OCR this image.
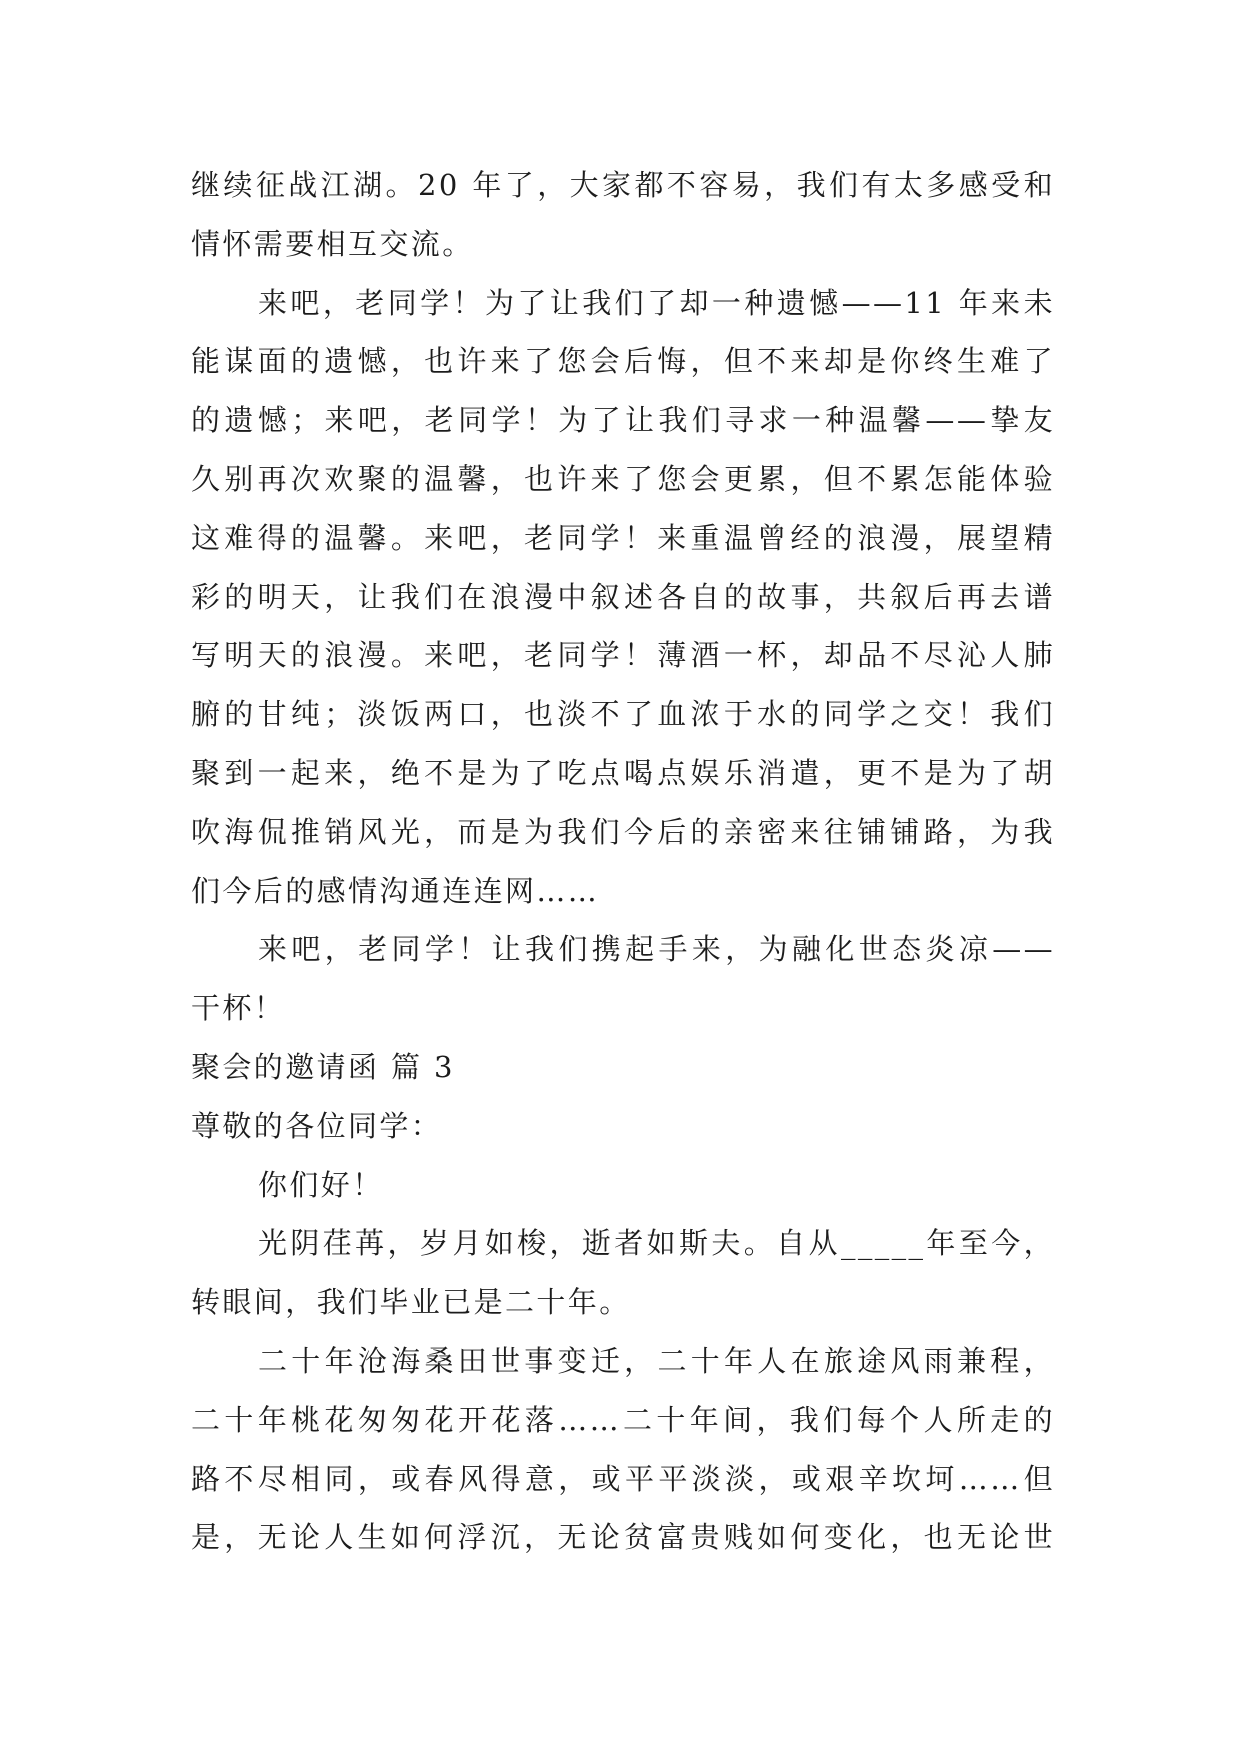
继续征战江湖。20 年了，大家都不容易，我们有太多感受和
情怀需要相互交流。
来吧，老同学！为了让我们了却一种遗憾——11 年来未
能谋面的遗憾，也许来了您会后悔，但不来却是你终生难了
的遗憾；来吧，老同学！为了让我们寻求一种温馨——挚友
久别再次欢聚的温馨，也许来了您会更累，但不累怎能体验
这难得的温馨。来吧，老同学！来重温曾经的浪漫，展望精
彩的明天，让我们在浪漫中叙述各自的故事，共叙后再去谱
写明天的浪漫。来吧，老同学！薄酒一杯，却品不尽沁人肺
腑的甘纯；淡饭两口，也淡不了血浓于水的同学之交！我们
聚到一起来，绝不是为了吃点喝点娱乐消遣，更不是为了胡
吹海侃推销风光，而是为我们今后的亲密来往铺铺路，为我
们今后的感情沟通连连网……
来吧，老同学！让我们携起手来，为融化世态炎凉——
干杯！
聚会的邀请函 篇 3
尊敬的各位同学：
你们好！
光阴荏苒，岁月如梭，逝者如斯夫。自从_____年至今，
转眼间，我们毕业已是二十年。
二十年沧海桑田世事变迁，二十年人在旅途风雨兼程，
二十年桃花匆匆花开花落……二十年间，我们每个人所走的
路不尽相同，或春风得意，或平平淡淡，或艰辛坎坷……但
是，无论人生如何浮沉，无论贫富贵贱如何变化，也无论世
